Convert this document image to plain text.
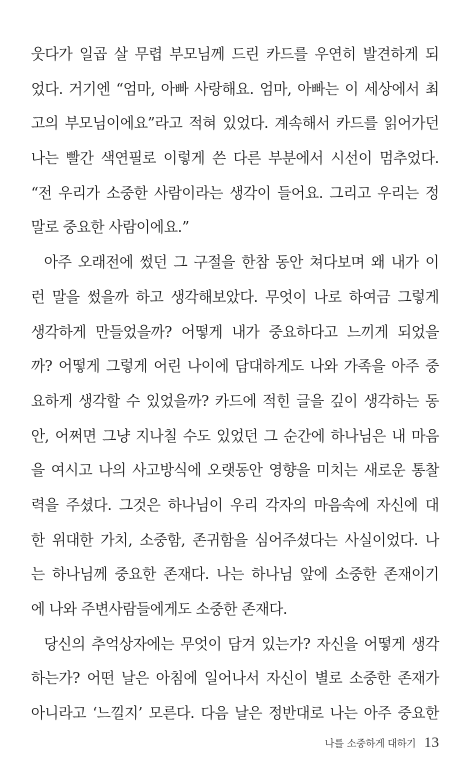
웃다가 일곱 살 무렵 부모님께 드린 카드를 우연히 발견하게 되
었다. 거기엔 “엄마, 아빠 사랑해요. 엄마, 아빠는 이 세상에서 최
고의 부모님이에요”라고 적혀 있었다. 계속해서 카드를 읽어가던
나는 빨간 색연필로 이렇게 쓴 다른 부분에서 시선이 멈추었다.
“전 우리가 소중한 사람이라는 생각이 들어요. 그리고 우리는 정
말로 중요한 사람이에요.”
아주 오래전에 썼던 그 구절을 한참 동안 쳐다보며 왜 내가 이
런 말을 썼을까 하고 생각해보았다. 무엇이 나로 하여금 그렇게
생각하게 만들었을까? 어떻게 내가 중요하다고 느끼게 되었을
까? 어떻게 그렇게 어린 나이에 담대하게도 나와 가족을 아주 중
요하게 생각할 수 있었을까? 카드에 적힌 글을 깊이 생각하는 동
안, 어쩌면 그냥 지나칠 수도 있었던 그 순간에 하나님은 내 마음
을 여시고 나의 사고방식에 오랫동안 영향을 미치는 새로운 통찰
력을 주셨다. 그것은 하나님이 우리 각자의 마음속에 자신에 대
한 위대한 가치, 소중함, 존귀함을 심어주셨다는 사실이었다. 나
는 하나님께 중요한 존재다. 나는 하나님 앞에 소중한 존재이기
에 나와 주변사람들에게도 소중한 존재다.
당신의 추억상자에는 무엇이 담겨 있는가? 자신을 어떻게 생각
하는가? 어떤 날은 아침에 일어나서 자신이 별로 소중한 존재가
아니라고 ‘느낄지’ 모른다. 다음 날은 정반대로 나는 아주 중요한
나를 소중하게 대하기 13
